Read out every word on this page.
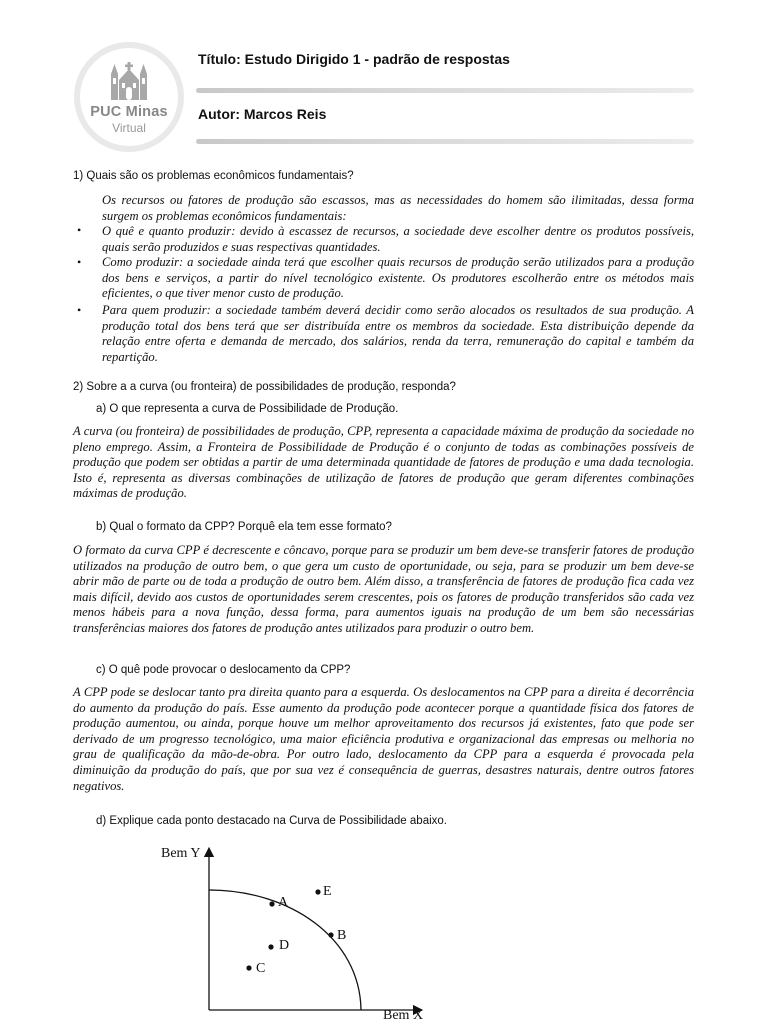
PUC Minas
Virtual
Título: Estudo Dirigido 1 - padrão de respostas
Autor: Marcos Reis
1) Quais são os problemas econômicos fundamentais?

Os recursos ou fatores de produção são escassos, mas as necessidades do homem são ilimitadas, dessa forma surgem os problemas econômicos fundamentais:

• O quê e quanto produzir: devido à escassez de recursos, a sociedade deve escolher dentre os produtos possíveis, quais serão produzidos e suas respectivas quantidades.

• Como produzir: a sociedade ainda terá que escolher quais recursos de produção serão utilizados para a produção dos bens e serviços, a partir do nível tecnológico existente. Os produtores escolherão entre os métodos mais eficientes, o que tiver menor custo de produção.

• Para quem produzir: a sociedade também deverá decidir como serão alocados os resultados de sua produção. A produção total dos bens terá que ser distribuída entre os membros da sociedade. Esta distribuição depende da relação entre oferta e demanda de mercado, dos salários, renda da terra, remuneração do capital e também da repartição.

2) Sobre a a curva (ou fronteira) de possibilidades de produção, responda?
a) O que representa a curva de Possibilidade de Produção.

A curva (ou fronteira) de possibilidades de produção, CPP, representa a capacidade máxima de produção da sociedade no pleno emprego. Assim, a Fronteira de Possibilidade de Produção é o conjunto de todas as combinações possíveis de produção que podem ser obtidas a partir de uma determinada quantidade de fatores de produção e uma dada tecnologia. Isto é, representa as diversas combinações de utilização de fatores de produção que geram diferentes combinações máximas de produção.

b) Qual o formato da CPP? Porquê ela tem esse formato?

O formato da curva CPP é decrescente e côncavo, porque para se produzir um bem deve-se transferir fatores de produção utilizados na produção de outro bem, o que gera um custo de oportunidade, ou seja, para se produzir um bem deve-se abrir mão de parte ou de toda a produção de outro bem. Além disso, a transferência de fatores de produção fica cada vez mais difícil, devido aos custos de oportunidades serem crescentes, pois os fatores de produção transferidos são cada vez menos hábeis para a nova função, dessa forma, para aumentos iguais na produção de um bem são necessárias transferências maiores dos fatores de produção antes utilizados para produzir o outro bem.

c) O quê pode provocar o deslocamento da CPP?

A CPP pode se deslocar tanto pra direita quanto para a esquerda. Os deslocamentos na CPP para a direita é decorrência do aumento da produção do país. Esse aumento da produção pode acontecer porque a quantidade física dos fatores de produção aumentou, ou ainda, porque houve um melhor aproveitamento dos recursos já existentes, fato que pode ser derivado de um progresso tecnológico, uma maior eficiência produtiva e organizacional das empresas ou melhoria no grau de qualificação da mão-de-obra. Por outro lado, deslocamento da CPP para a esquerda é provocada pela diminuição da produção do país, que por sua vez é consequência de guerras, desastres naturais, dentre outros fatores negativos.

d) Explique cada ponto destacado na Curva de Possibilidade abaixo.
Bem Y
Bem X
A
B
C
D
E
